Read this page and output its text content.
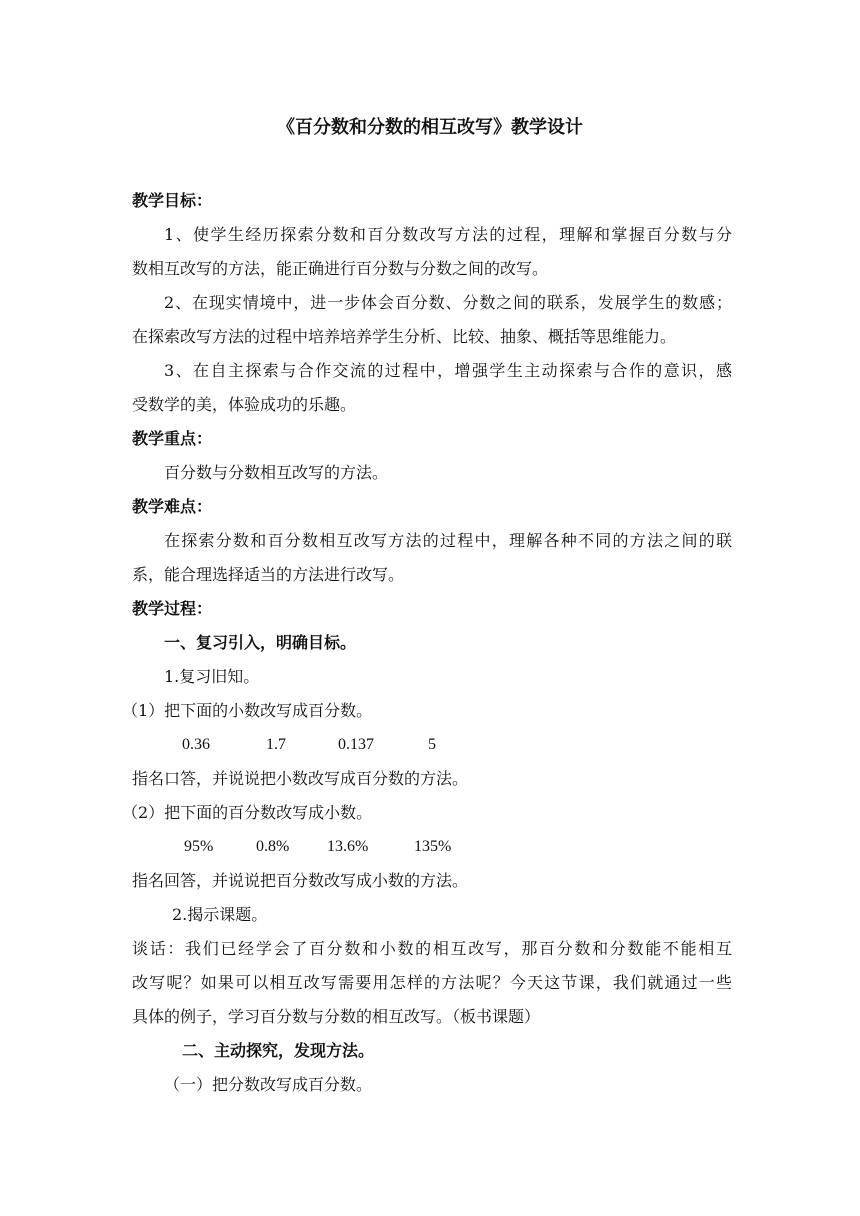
《百分数和分数的相互改写》教学设计
教学目标：
1、使学生经历探索分数和百分数改写方法的过程，理解和掌握百分数与分
数相互改写的方法，能正确进行百分数与分数之间的改写。
2、在现实情境中，进一步体会百分数、分数之间的联系，发展学生的数感；
在探索改写方法的过程中培养培养学生分析、比较、抽象、概括等思维能力。
3、在自主探索与合作交流的过程中，增强学生主动探索与合作的意识，感
受数学的美，体验成功的乐趣。
教学重点：
百分数与分数相互改写的方法。
教学难点：
在探索分数和百分数相互改写方法的过程中，理解各种不同的方法之间的联
系，能合理选择适当的方法进行改写。
教学过程：
一、复习引入，明确目标。
1.复习旧知。
（1）把下面的小数改写成百分数。
0.36	1.7	0.137	5
指名口答，并说说把小数改写成百分数的方法。
（2）把下面的百分数改写成小数。
95%	0.8% 13.6%	135%
指名回答，并说说把百分数改写成小数的方法。
2.揭示课题。
谈话：我们已经学会了百分数和小数的相互改写，那百分数和分数能不能相互
改写呢？如果可以相互改写需要用怎样的方法呢？今天这节课，我们就通过一些
具体的例子，学习百分数与分数的相互改写。（板书课题）
二、主动探究，发现方法。
（一）把分数改写成百分数。
